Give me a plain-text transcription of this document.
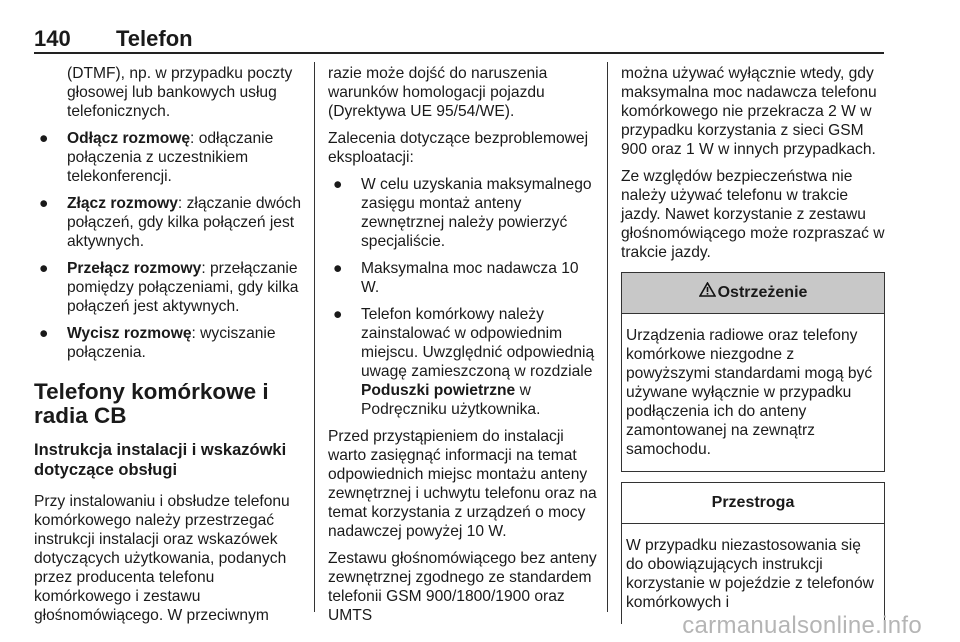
140 Telefon

(DTMF), np. w przypadku poczty głosowej lub bankowych usług telefonicznych.

● Odłącz rozmowę: odłączanie połączenia z uczestnikiem telekonferencji.
● Złącz rozmowy: złączanie dwóch połączeń, gdy kilka połączeń jest aktywnych.
● Przełącz rozmowy: przełączanie pomiędzy połączeniami, gdy kilka połączeń jest aktywnych.
● Wycisz rozmowę: wyciszanie połączenia.
Telefony komórkowe i radia CB
Instrukcja instalacji i wskazówki dotyczące obsługi

Przy instalowaniu i obsłudze telefonu komórkowego należy przestrzegać instrukcji instalacji oraz wskazówek dotyczących użytkowania, podanych przez producenta telefonu komórkowego i zestawu głośnomówiącego. W przeciwnym

razie może dojść do naruszenia warunków homologacji pojazdu (Dyrektywa UE 95/54/WE).

Zalecenia dotyczące bezproblemowej eksploatacji:

● W celu uzyskania maksymalnego zasięgu montaż anteny zewnętrznej należy powierzyć specjaliście.
● Maksymalna moc nadawcza 10 W.
● Telefon komórkowy należy zainstalować w odpowiednim miejscu. Uwzględnić odpowiednią uwagę zamieszczoną w rozdziale Poduszki powietrzne w Podręczniku użytkownika.

Przed przystąpieniem do instalacji warto zasięgnąć informacji na temat odpowiednich miejsc montażu anteny zewnętrznej i uchwytu telefonu oraz na temat korzystania z urządzeń o mocy nadawczej powyżej 10 W.

Zestawu głośnomówiącego bez anteny zewnętrznej zgodnego ze standardem telefonii GSM 900/1800/1900 oraz UMTS

można używać wyłącznie wtedy, gdy maksymalna moc nadawcza telefonu komórkowego nie przekracza 2 W w przypadku korzystania z sieci GSM 900 oraz 1 W w innych przypadkach.

Ze względów bezpieczeństwa nie należy używać telefonu w trakcie jazdy. Nawet korzystanie z zestawu głośnomówiącego może rozpraszać w trakcie jazdy.

Ostrzeżenie
Urządzenia radiowe oraz telefony komórkowe niezgodne z powyższymi standardami mogą być używane wyłącznie w przypadku podłączenia ich do anteny zamontowanej na zewnątrz samochodu.
Przestroga
W przypadku niezastosowania się do obowiązujących instrukcji korzystanie w pojeździe z telefonów komórkowych i
carmanualsonline.info
